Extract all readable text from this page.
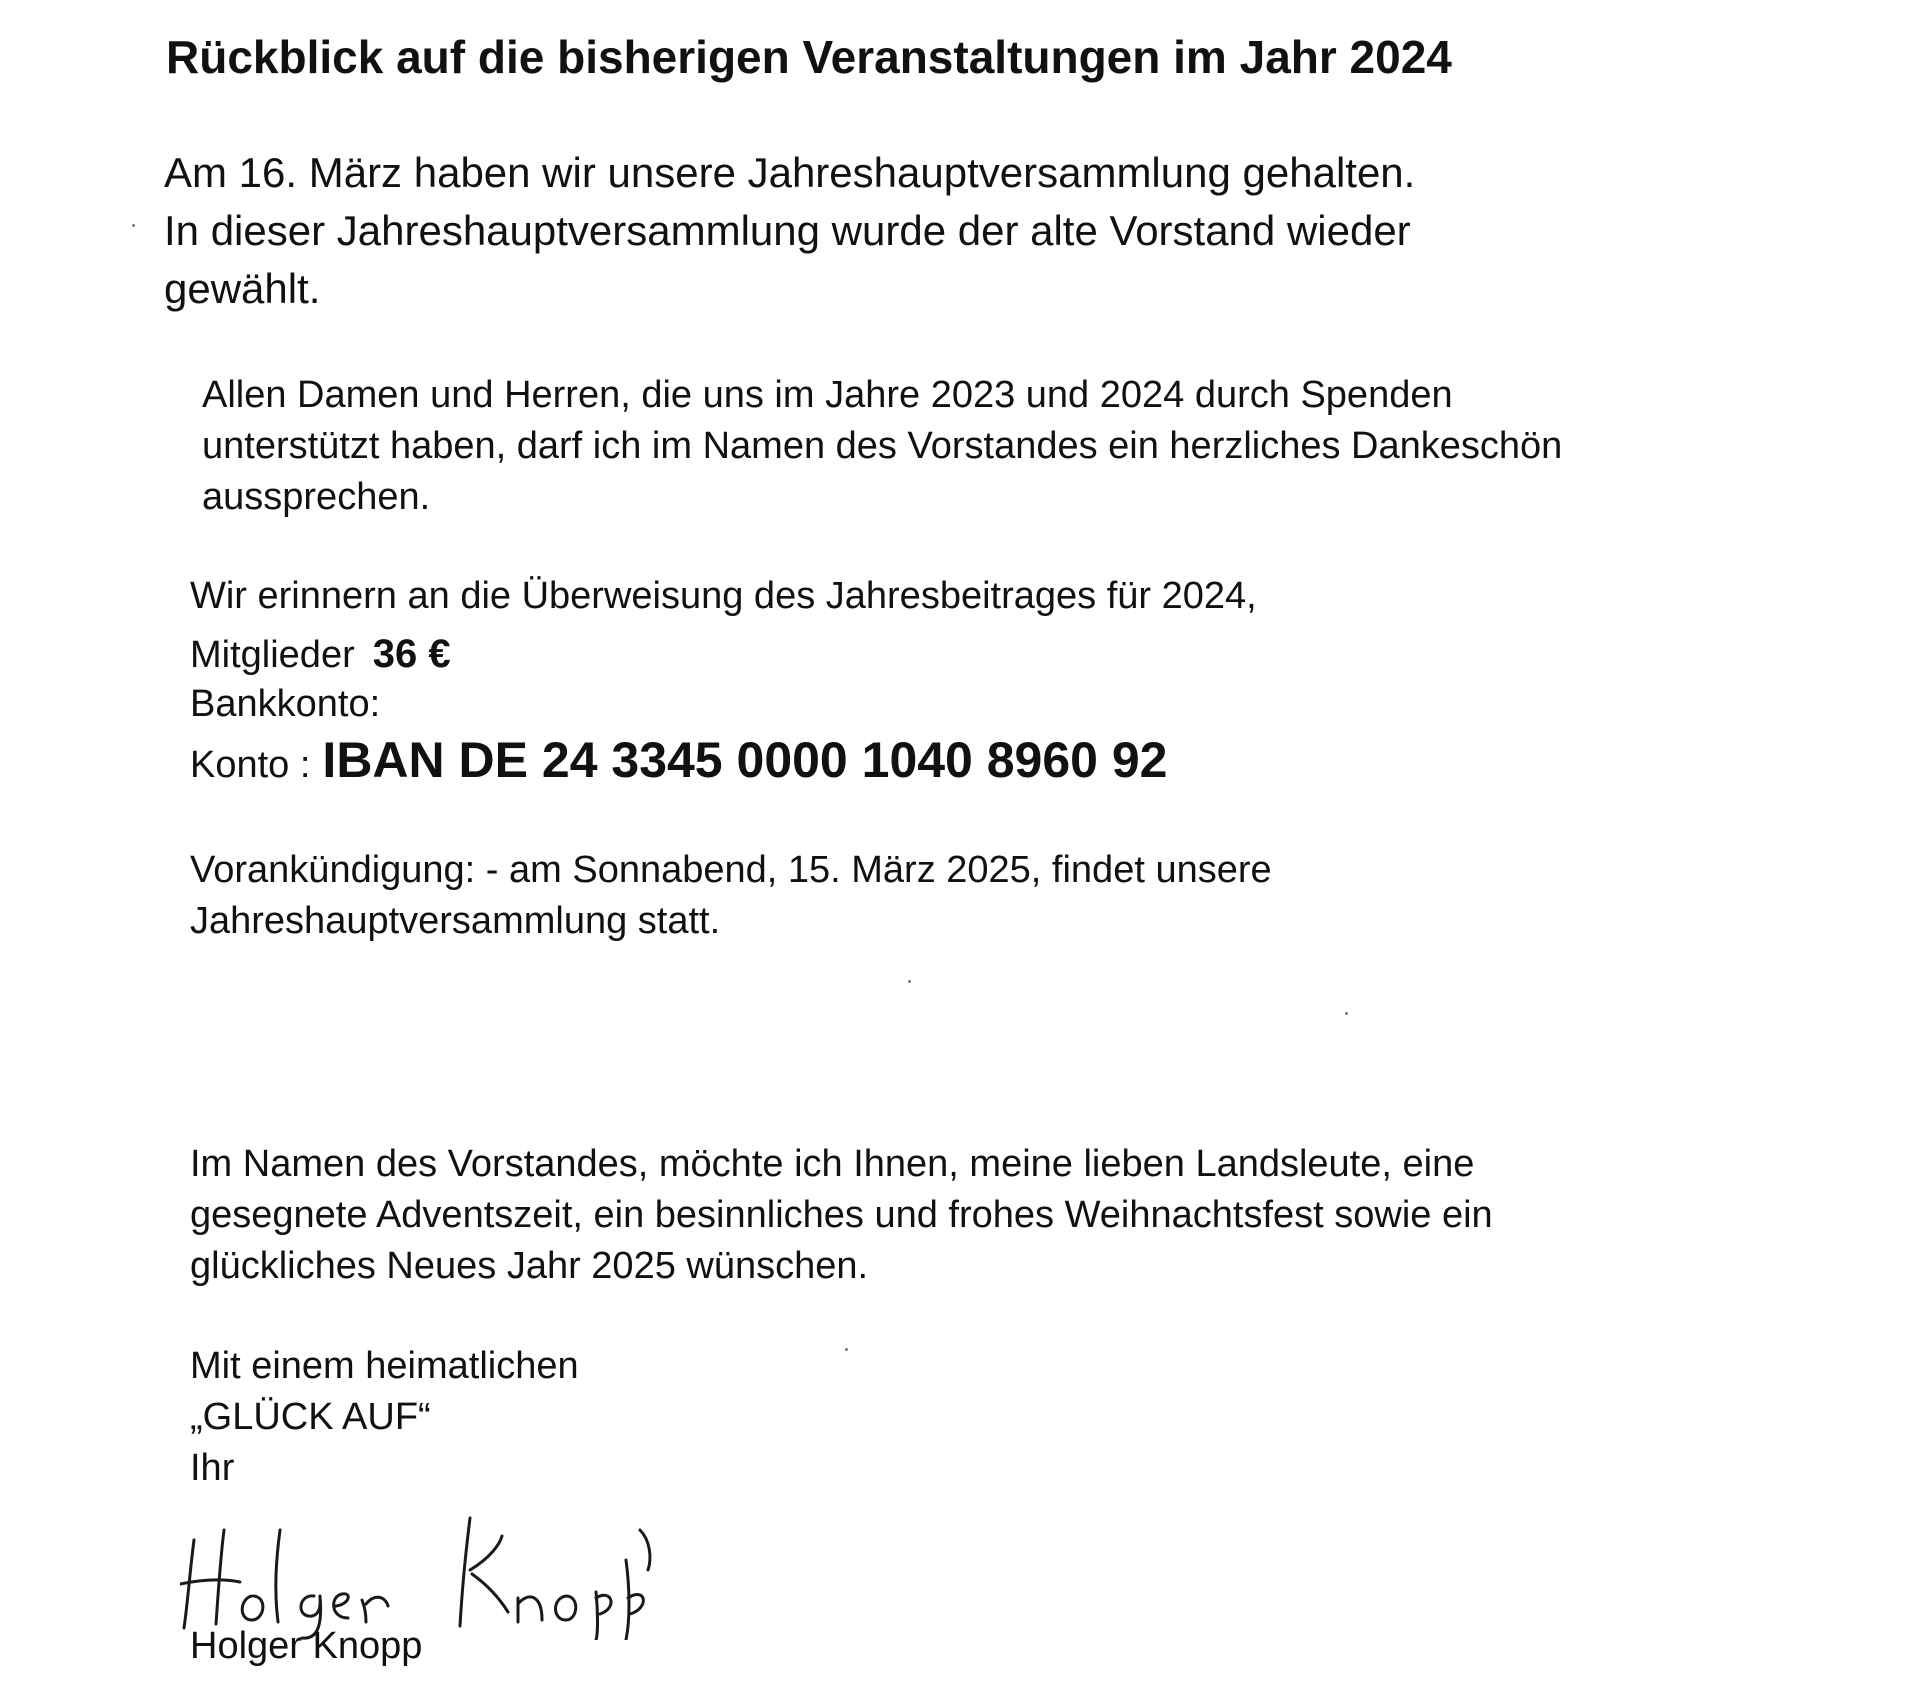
Rückblick auf die bisherigen Veranstaltungen im Jahr 2024

Am 16. März haben wir unsere Jahreshauptversammlung gehalten.

In dieser Jahreshauptversammlung wurde der alte Vorstand wieder

gewählt.

Allen Damen und Herren, die uns im Jahre 2023 und 2024 durch Spenden

unterstützt haben, darf ich im Namen des Vorstandes ein herzliches Dankeschön

aussprechen.

Wir erinnern an die Überweisung des Jahresbeitrages für 2024,

Mitglieder 36 €

Bankkonto:

Konto : IBAN DE 24 3345 0000 1040 8960 92

Vorankündigung: - am Sonnabend, 15. März 2025, findet unsere

Jahreshauptversammlung statt.

Im Namen des Vorstandes, möchte ich Ihnen, meine lieben Landsleute, eine

gesegnete Adventszeit, ein besinnliches und frohes Weihnachtsfest sowie ein

glückliches Neues Jahr 2025 wünschen.

Mit einem heimatlichen

„GLÜCK AUF“

Ihr

Holger Knopp
